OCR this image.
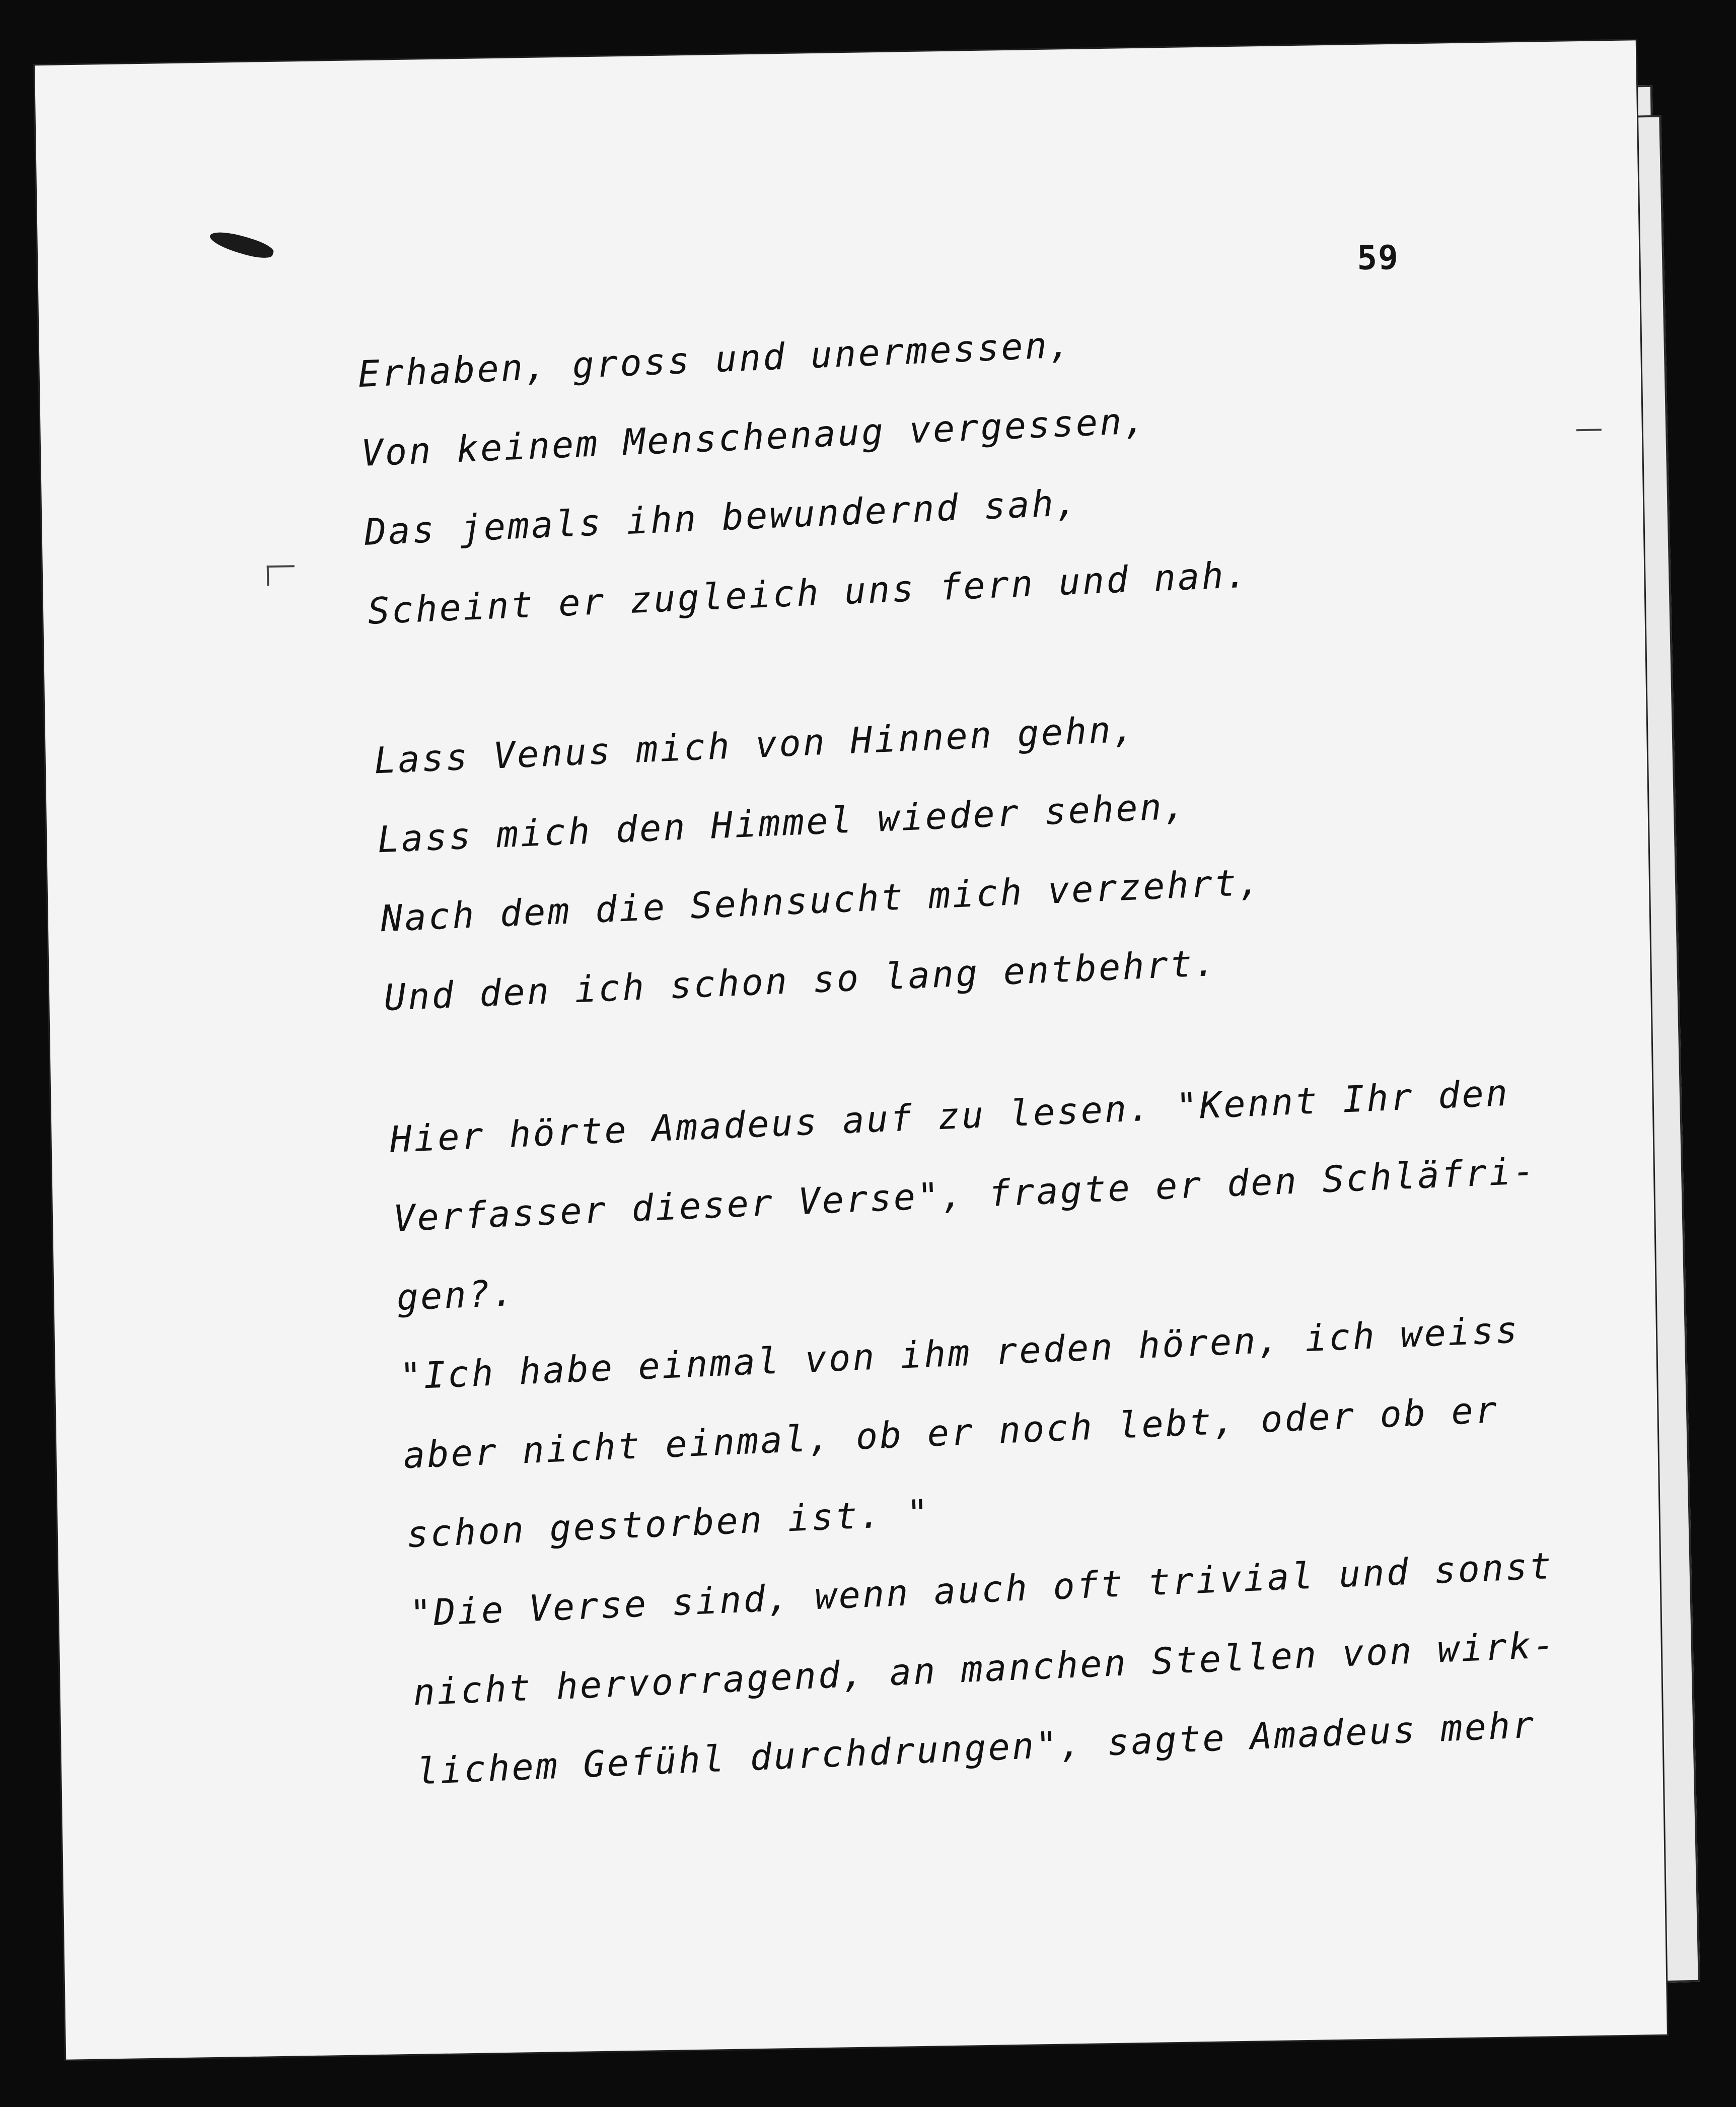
59
Erhaben, gross und unermessen,
Von keinem Menschenaug vergessen,
Das jemals ihn bewundernd sah,
Scheint er zugleich uns fern und nah.
Lass Venus mich von Hinnen gehn,
Lass mich den Himmel wieder sehen,
Nach dem die Sehnsucht mich verzehrt,
Und den ich schon so lang entbehrt.
Hier hörte Amadeus auf zu lesen. "Kennt Ihr den
Verfasser dieser Verse", fragte er den Schläfri-
gen?.
"Ich habe einmal von ihm reden hören, ich weiss
aber nicht einmal, ob er noch lebt, oder ob er
schon gestorben ist. "
"Die Verse sind, wenn auch oft trivial und sonst
nicht hervorragend, an manchen Stellen von wirk-
lichem Gefühl durchdrungen", sagte Amadeus mehr
